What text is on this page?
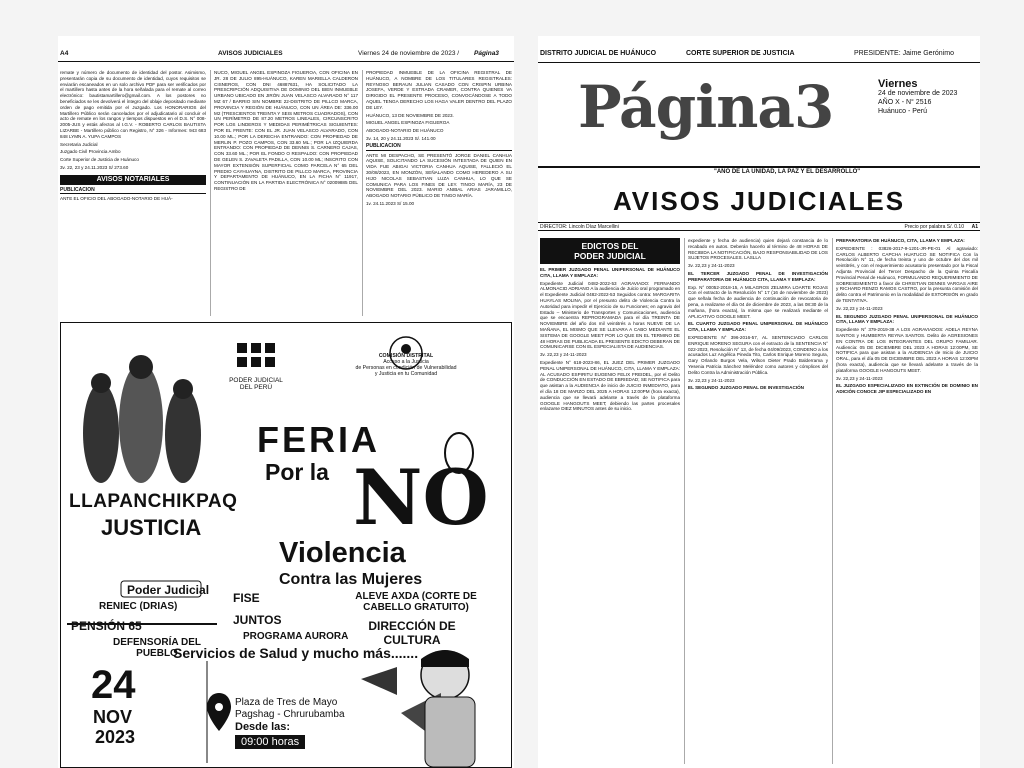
A4	AVISOS JUDICIALES	Viernes 24 de noviembre de 2023 / Página3

remate y número de documento de identidad del postor. Asimismo, presentarán copia de su documento de identidad, cuyos requisitos se enviarán escaneados en un solo archivo PDF para ser verificados por el martillero hasta antes de la hora señalada para el remate al correo electrónico: bautistamartillero@gmail.com. A los postores no beneficiados se les devolverá el íntegro del oblaje depositado mediante orden de pago emitida por el Juzgado. Los HONORARIOS del Martillero Público serán cancelados por el adjudicatario al concluir el acto de remate en los rangos y tiempos dispuestos en el D.S. N° 008-2005-JUS y estás afectos al I.G.V. - ROBERTO CARLOS BAUTISTA LIZARBE - Martillero público con Registro, N° 326 - Informes: 943 683 848 LYMN A. YUPA CAMPOS

Secretaria Judicial

Juzgado Civil Provincia Ambo

Corte Superior de Justicia de Huánuco

3v. 22, 23 y 24.11.2023 S/ 273.60

AVISOS NOTARIALES
PUBLICACION

ANTE EL OFICIO DEL ABOGADO-NOTARIO DE HUÁ-

NUCO, MIGUEL ANGEL ESPINOZA FIGUEROA, CON OFICINA EN JR. 28 DE JULIO 895-HUÁNUCO, KAREN MARIELLA CALDERON CISNEROS, CON DNI 46887631, HA SOLICITADO LA PRESCRIPCIÓN ADQUISITIVA DE DOMINIO DEL BIEN INMUEBLE URBANO UBICADO EN JIRÓN JUAN VELASCO ALVARADO N° 117 MZ 67 / BARRIO SIN NOMBRE 22-DISTRITO DE PILLCO MARCA, PROVINCIA Y REGIÓN DE HUÁNUCO, CON UN ÁREA DE: 336.00 M2 (TRESCIENTOS TREINTA Y SEIS METROS CUADRADOS), CON UN PERÍMETRO DE 87.20 METROS LINEALES, CIRCUNSCRITO POR LOS LINDEROS Y MEDIDAS PERIMÉTRICAS SIGUIENTES: POR EL FRENTE: CON EL JR. JUAN VELASCO ALVARADO, CON 10.00 ML.; POR LA DERECHA ENTRANDO: CON PROPIEDAD DE MERLIN P. POZO CAMPOS, CON 33.60 ML.; POR LA IZQUIERDA ENTRANDO: CON PROPIEDAD DE DENNIS S. CARNERO CAJAS, CON 33.60 ML.; POR EL FONDO O RESPALDO: CON PROPIEDAD DE GELEN S. ZAVALETA PADILLA, CON 10.00 ML; INSCRITO CON MAYOR EXTENSIÓN SUPERFICIAL COMO PARCELA N° 65 DEL PREDIO CAYHUAYNA, DISTRITO DE PILLCO MARCA, PROVINCIA Y DEPARTAMENTO DE HUÁNUCO, EN LA FICHA N° 11917, CONTINUACIÓN EN LA PARTIDA ELECTRÓNICA N° 02009885 DEL REGISTRO DE

PROPIEDAD INMUEBLE DE LA OFICINA REGISTRAL DE HUÁNUCO, A NOMBRE DE LOS TITULARES REGISTRALES: REYNOSO BERAUN JULIAN CASADO CON CRISPIN URBINA JOSEFA, VERDE Y ESTRADA CRAMER, CONTRA QUIENES VA DIRIGIDO EL PRESENTE PROCESO, CONVOCÁNDOSE A TODO AQUEL TENGA DERECHO LOS HAGA VALER DENTRO DEL PLAZO DE LEY.

HUÁNUCO, 13 DE NOVIEMBRE DE 2023.

MIGUEL ANGEL ESPINOZA FIGUEROA

ABOGADO-NOTARIO DE HUÁNUCO

3v. 14, 20 y 24.11.2023 S/. 141.00

PUBLICACION

ANTE MI DESPACHO, SE PRESENTÓ JORGE DANIEL CANHUA AQUISE, SOLICITANDO LA SUCESIÓN INTESTADA DE QUIEN EN VIDA FUE ABIGAI VICTORIA CANHUA AQUISE, FALLECIÓ EL 30/08/2023, EN MONZÓN, SEÑALANDO COMO HEREDERO A SU HIJO NICOLAS SEBASTIAN LUZA CANHUA, LO QUE SE COMUNICA PARA LOS FINES DE LEY. TINGO MARÍA, 23 DE NOVIEMBRE DEL 2023. MARIO ANIBAL ARIAS JARAMILLO, ABOGADO NOTARIO PÚBLICO DE TINGO MARÍA.

1v. 24.11.2023 S/ 15.00

PODER JUDICIAL
DEL PERÚ
COMISIÓN DISTRITAL
Acceso a la Justicia
de Personas en condición de Vulnerabilidad
y Justicia en tu Comunidad
FERIA
Por la NO
Violencia
Contra las Mujeres
LLAPANCHIKPAQ
JUSTICIA
Poder Judicial
RENIEC (DRIAS)
PENSIÓN 65
DEFENSORÍA DEL PUEBLO
FISE
JUNTOS
PROGRAMA AURORA
ALEVE AXDA (CORTE DE CABELLO GRATUITO)
DIRECCIÓN DE CULTURA
Servicios de Salud y mucho más.......
24
NOV
2023
Plaza de Tres de Mayo
Pagshag - Chrurubamba
Desde las:
09:00 horas
DISTRITO JUDICIAL DE HUÁNUCO	CORTE SUPERIOR DE JUSTICIA	PRESIDENTE: Jaime Gerónimo
Página3	Viernes
24 de noviembre de 2023
AÑO X - N° 2516
Huánuco - Perú
"AÑO DE LA UNIDAD, LA PAZ Y EL DESARROLLO"
AVISOS JUDICIALES
DIRECTOR: Lincoln Díaz Marcellini	Precio por palabra S/. 0.10 A1
EDICTOS DEL
PODER JUDICIAL

EL PRIMER JUZGADO PENAL UNIPERSONAL DE HUÁNUCO CITA, LLAMA Y EMPLAZA:

Expediente Judicial 0482-2022-53 AGRAVIADO: FERNANDO ALMONACID ADRIANO A la audiencia de Juicio oral programado en el Expediente Judicial 0482-2022-53 Seguidos contra: MARGARITA HUAYLAS MOLINA, por el presunto delito de Violencia Contra la Autoridad para impedir el Ejercicio de su Funciones; en agravio del Estado – Ministerio de Transportes y Comunicaciones, audiencia que se encuentra REPROGRAMADA para el día TREINTA DE NOVIEMBRE del año dos mil veintitrés a horas NUEVE DE LA MAÑANA, EL MISMO QUE SE LLEVARA A CABO MEDIANTE EL SISTEMA DE GOOGLE MEET POR LO QUE EN EL TERMINO DE 48 HORAS DE PUBLICADA EL PRESENTE EDICTO DEBERAN DE COMUNICARSE CON EL ESPECIALISTA DE AUDIENCIAS.

3v. 22,23 y 24-11-2023

Expediente N° 618-2023-86, EL JUEZ DEL PRIMER JUZGADO PENAL UNIPERSONAL DE HUÁNUCO, CITA, LLAMA Y EMPLAZA: AL ACUSADO ESPIRITU EUGENIO FELIX FREIDEL, por el Delito de CONDUCCIÓN EN ESTADO DE EBRIEDAD; SE NOTIFICA para que asistan a la AUDIENCIA de inicio de JUICIO INMEDIATO, para el día 18 DE MARZO DEL 2025 A HORAS 12:00PM (hora exacta), audiencia que se llevará adelante a través de la plataforma GOOGLE HANGOUTS MEET; debiendo las partes procesales enlazarse DIEZ MINUTOS antes de su inicio.

expediente y fecha de audiencia) quien dejará constancia de lo recabado en autos. Deberán hacerlo al término de 48 HORAS DE RECIBIDA LA NOTIFICACIÓN, BAJO RESPONSABILIDAD DE LOS SUJETOS PROCESALES. LASLLA

3v. 22,23 y 24-11-2023

EL TERCER JUZGADO PENAL DE INVESTIGACIÓN PREPARATORIA DE HUÁNUCO CITA, LLAMA Y EMPLAZA:

Exp. N° 00052-2018-15, A MILAGROS ZELMIRA LOARTE ROJAS Con el extracto de la Resolución N° 17 (16 de noviembre de 2023) que señala fecha de audiencia de continuación de revocatoria de pena, a realizarse el día 04 de diciembre de 2023, a las 08:30 de la mañana, (hora exacta), la misma que se realizará mediante el APLICATIVO GOOGLE MEET.

EL CUARTO JUZGADO PENAL UNIPERSONAL DE HUÁNUCO CITA, LLAMA Y EMPLAZA:

EXPEDIENTE N° 396-2016-57, AL SENTENCIADO CARLOS ENRIQUE MORENO SEGURA con el extracto de la SENTENCIA N° 022-2023, Resolución N° 13, de fecha 04/09/2023, CONDENO a los acusados Luz Angélica Pineda Tito, Carlos Enrique Moreno Segura, Gary Orlando Burgos Vela, Wilson Dieter Prado Balderrama y Yesenia Patricia Sánchez Meléndez como autores y cómplices del Delito Contra la Administración Pública.

3v. 22,23 y 24-11-2023

EL SEGUNDO JUZGADO PENAL DE INVESTIGACIÓN

PREPARATORIA DE HUÁNUCO, CITA, LLAMA Y EMPLAZA:

EXPEDIENTE : 03826-2017-9-1201-JR-PE-01 Al agraviado: CARLOS ALBERTO CAPCHA HUATUCO SE NOTIFICA Con la Resolución N° 11, de fecha treinta y uno de octubre del dos mil veintitrés, y con el requerimiento acusatorio presentado por la Fiscal Adjunta Provincial del Tercer Despacho de la Quinta Fiscalía Provincial Penal de Huánuco, FORMULANDO REQUERIMIENTO DE SOBRESEIMIENTO a favor de CHRISTIAN DENNIS VARGAS AIRE y RICHARD RENZO RAMOS CASTRO, por la presunta comisión del delito contra el Patrimonio en la modalidad de EXTORSIÓN en grado de TENTATIVA.

3v. 22,23 y 24-11-2023

EL SEGUNDO JUZGADO PENAL UNIPERSONAL DE HUÁNUCO CITA, LLAMA Y EMPLAZA:

Expediente N° 379-2019-38 A LOS AGRAVIADOS: ADELA REYNA SANTOS y HUMBERTA REYNA SANTOS. Delito de AGRESIONES EN CONTRA DE LOS INTEGRANTES DEL GRUPO FAMILIAR. Audiencia: 05 DE DICIEMBRE DEL 2023 A HORAS 12:00PM, SE NOTIFICA para que asistan a la AUDIENCIA de Inicio de JUICIO ORAL, para el día 05 DE DICIEMBRE DEL 2023 A HORAS 12:00PM (hora exacta), audiencia que se llevará adelante a través de la plataforma GOOGLE HANGOUTS MEET.

3v. 22,23 y 24-11-2023

EL JUZGADO ESPECIALIZADO EN EXTINCIÓN DE DOMINIO EN ADICIÓN CONOCE JIP ESPECIALIZADO EN
